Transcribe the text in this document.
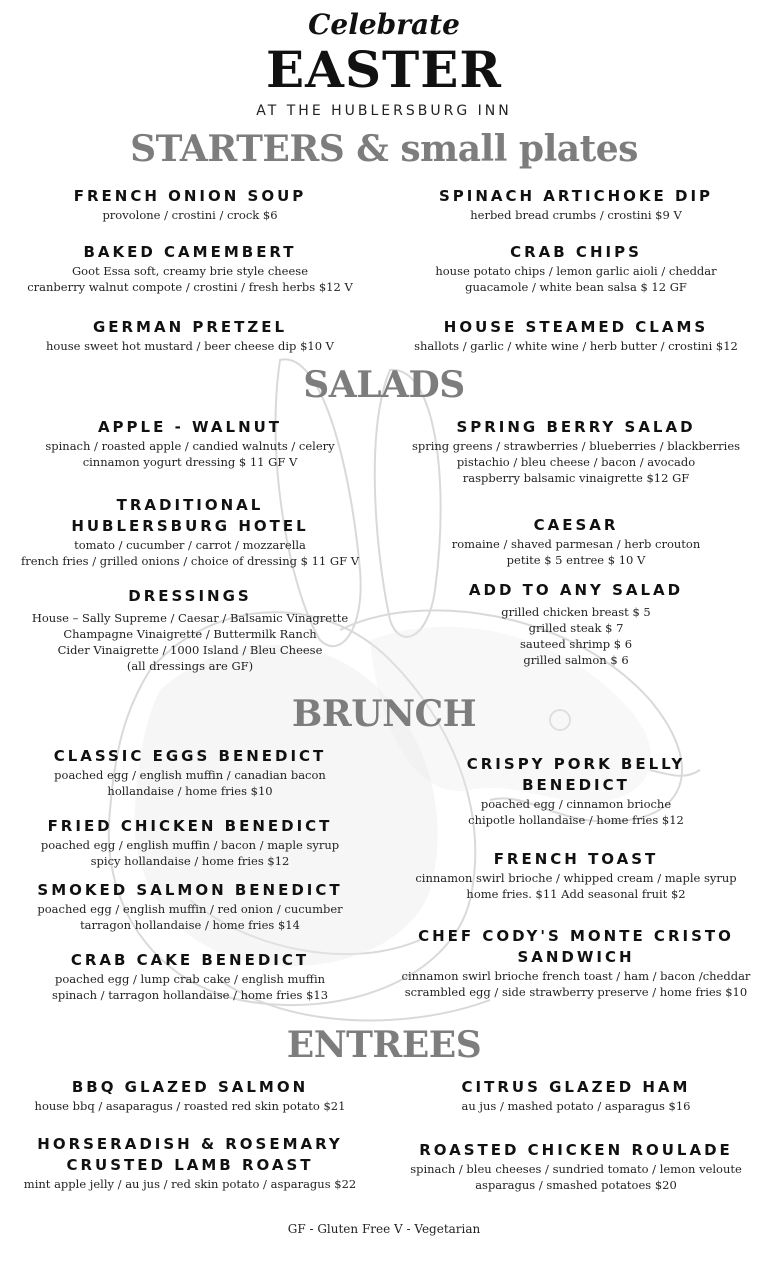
Celebrate
EASTER
AT THE HUBLERSBURG INN
STARTERS & small plates
FRENCH ONION SOUP
provolone / crostini / crock $6
SPINACH ARTICHOKE DIP
herbed bread crumbs / crostini $9 V
BAKED CAMEMBERT
Goot Essa soft, creamy brie style cheese
cranberry walnut compote / crostini / fresh herbs $12 V
CRAB CHIPS
house potato chips / lemon garlic aioli / cheddar
guacamole / white bean salsa $ 12 GF
GERMAN PRETZEL
house sweet hot mustard / beer cheese dip $10 V
HOUSE STEAMED CLAMS
shallots / garlic / white wine / herb butter / crostini $12
SALADS
APPLE - WALNUT
spinach / roasted apple / candied walnuts / celery
cinnamon yogurt dressing $ 11 GF V
SPRING BERRY SALAD
spring greens / strawberries / blueberries / blackberries
pistachio / bleu cheese / bacon / avocado
raspberry balsamic vinaigrette $12 GF
TRADITIONAL
HUBLERSBURG HOTEL
tomato / cucumber / carrot / mozzarella
french fries / grilled onions / choice of dressing $ 11 GF V
CAESAR
romaine / shaved parmesan / herb crouton
petite $ 5 entree $ 10 V
DRESSINGS
House – Sally Supreme / Caesar / Balsamic Vinagrette
Champagne Vinaigrette / Buttermilk Ranch
Cider Vinaigrette / 1000 Island / Bleu Cheese
(all dressings are GF)
ADD TO ANY SALAD
grilled chicken breast $ 5
grilled steak $ 7
sauteed shrimp $ 6
grilled salmon $ 6
BRUNCH
CLASSIC EGGS BENEDICT
poached egg / english muffin / canadian bacon
hollandaise / home fries $10
CRISPY PORK BELLY
BENEDICT
poached egg / cinnamon brioche
chipotle hollandaise / home fries $12
FRIED CHICKEN BENEDICT
poached egg / english muffin / bacon / maple syrup
spicy hollandaise / home fries $12	FRENCH TOAST
cinnamon swirl brioche / whipped cream / maple syrup
home fries. $11 Add seasonal fruit $2
SMOKED SALMON BENEDICT
poached egg / english muffin / red onion / cucumber
tarragon hollandaise / home fries $14
CHEF CODY'S MONTE CRISTO
SANDWICH
cinnamon swirl brioche french toast / ham / bacon /cheddar
scrambled egg / side strawberry preserve / home fries $10
CRAB CAKE BENEDICT
poached egg / lump crab cake / english muffin
spinach / tarragon hollandaise / home fries $13
ENTREES
BBQ GLAZED SALMON
house bbq / asaparagus / roasted red skin potato $21
CITRUS GLAZED HAM
au jus / mashed potato / asparagus $16
HORSERADISH & ROSEMARY
CRUSTED LAMB ROAST
mint apple jelly / au jus / red skin potato / asparagus $22
ROASTED CHICKEN ROULADE
spinach / bleu cheeses / sundried tomato / lemon veloute
asparagus / smashed potatoes $20
GF - Gluten Free V - Vegetarian
